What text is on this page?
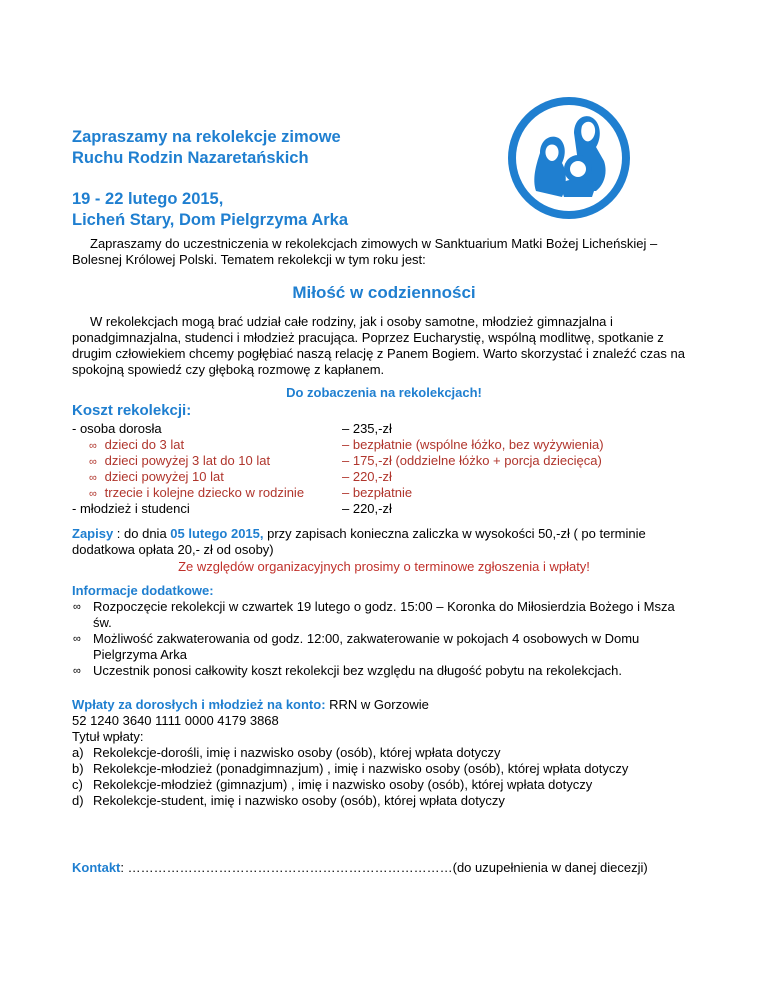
Zapraszamy na rekolekcje zimowe
Ruchu Rodzin Nazaretańskich
19 - 22 lutego 2015,
Licheń Stary, Dom Pielgrzyma Arka
Zapraszamy do uczestniczenia w rekolekcjach zimowych w Sanktuarium Matki Bożej Licheńskiej – Bolesnej Królowej Polski. Tematem rekolekcji w tym roku jest:
Miłość w codzienności
W rekolekcjach mogą brać udział całe rodziny, jak i osoby samotne, młodzież gimnazjalna i ponadgimnazjalna, studenci i młodzież pracująca. Poprzez Eucharystię, wspólną modlitwę, spotkanie z drugim człowiekiem chcemy pogłębiać naszą relację z Panem Bogiem. Warto skorzystać i znaleźć czas na spokojną spowiedź czy głęboką rozmowę z kapłanem.
Do zobaczenia na rekolekcjach!
Koszt rekolekcji:
- osoba dorosła	– 235,-zł
∞ dzieci do 3 lat	– bezpłatnie (wspólne łóżko, bez wyżywienia)
∞ dzieci powyżej 3 lat do 10 lat	– 175,-zł (oddzielne łóżko + porcja dziecięca)
∞ dzieci powyżej 10 lat	– 220,-zł
∞ trzecie i kolejne dziecko w rodzinie	– bezpłatnie
- młodzież i studenci	– 220,-zł
Zapisy : do dnia 05 lutego 2015, przy zapisach konieczna zaliczka w wysokości 50,-zł ( po terminie dodatkowa opłata 20,- zł od osoby)
Ze względów organizacyjnych prosimy o terminowe zgłoszenia i wpłaty!
Informacje dodatkowe:
∞ Rozpoczęcie rekolekcji w czwartek 19 lutego o godz. 15:00 – Koronka do Miłosierdzia Bożego i Msza św.
∞ Możliwość zakwaterowania od godz. 12:00, zakwaterowanie w pokojach 4 osobowych w Domu Pielgrzyma Arka
∞ Uczestnik ponosi całkowity koszt rekolekcji bez względu na długość pobytu na rekolekcjach.
Wpłaty za dorosłych i młodzież na konto: RRN w Gorzowie
52 1240 3640 1111 0000 4179 3868
Tytuł wpłaty:
a) Rekolekcje-dorośli, imię i nazwisko osoby (osób), której wpłata dotyczy
b) Rekolekcje-młodzież (ponadgimnazjum) , imię i nazwisko osoby (osób), której wpłata dotyczy
c) Rekolekcje-młodzież (gimnazjum) , imię i nazwisko osoby (osób), której wpłata dotyczy
d) Rekolekcje-student, imię i nazwisko osoby (osób), której wpłata dotyczy
Kontakt: …………………………………………………………………(do uzupełnienia w danej diecezji)
